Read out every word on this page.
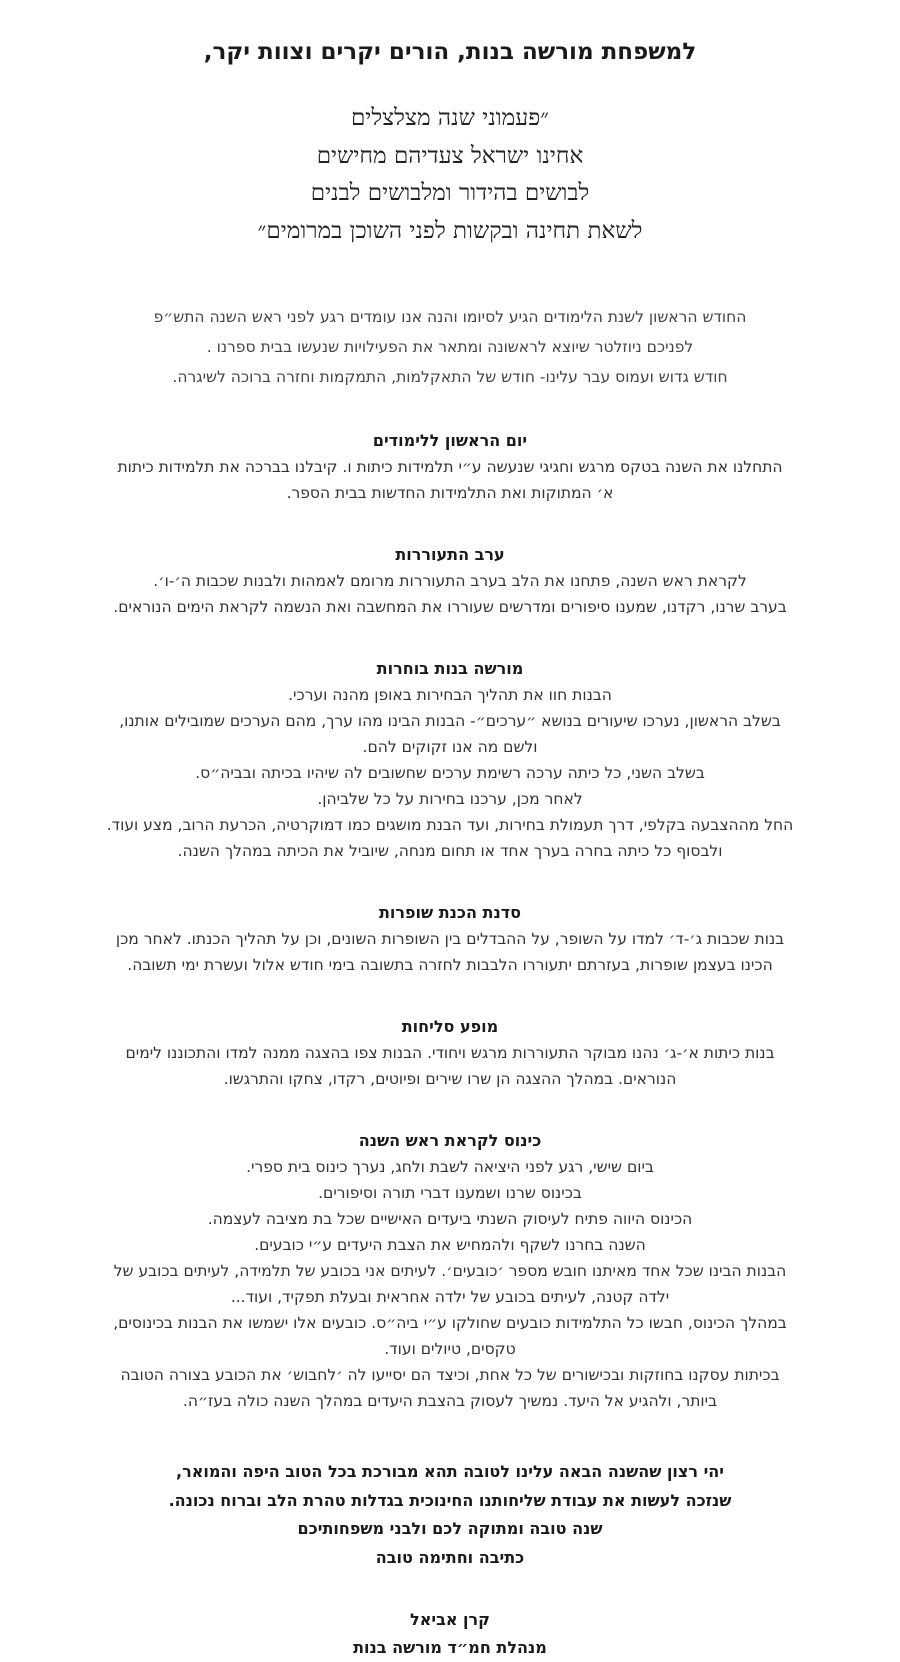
למשפחת מורשה בנות, הורים יקרים וצוות יקר,
״פעמוני שנה מצלצלים
אחינו ישראל צעדיהם מחישים
לבושים בהידור ומלבושים לבנים
לשאת תחינה ובקשות לפני השוכן במרומים״
החודש הראשון לשנת הלימודים הגיע לסיומו והנה אנו עומדים רגע לפני ראש השנה התש״פ
לפניכם ניוזלטר שיוצא לראשונה ומתאר את הפעילויות שנעשו בבית ספרנו .
חודש גדוש ועמוס עבר עלינו- חודש של התאקלמות, התמקמות וחזרה ברוכה לשיגרה.
יום הראשון ללימודים
התחלנו את השנה בטקס מרגש וחגיגי שנעשה ע״י תלמידות כיתות ו. קיבלנו בברכה את תלמידות כיתות
א׳ המתוקות ואת התלמידות החדשות בבית הספר.
ערב התעוררות
לקראת ראש השנה, פתחנו את הלב בערב התעוררות מרומם לאמהות ולבנות שכבות ה׳-ו׳.
בערב שרנו, רקדנו, שמענו סיפורים ומדרשים שעוררו את המחשבה ואת הנשמה לקראת הימים הנוראים.
מורשה בנות בוחרות
הבנות חוו את תהליך הבחירות באופן מהנה וערכי.
בשלב הראשון, נערכו שיעורים בנושא ״ערכים״- הבנות הבינו מהו ערך, מהם הערכים שמובילים אותנו,
ולשם מה אנו זקוקים להם.
בשלב השני, כל כיתה ערכה רשימת ערכים שחשובים לה שיהיו בכיתה ובביה״ס.
לאחר מכן, ערכנו בחירות על כל שלביהן.
החל מההצבעה בקלפי, דרך תעמולת בחירות, ועד הבנת מושגים כמו דמוקרטיה, הכרעת הרוב, מצע ועוד.
ולבסוף כל כיתה בחרה בערך אחד או תחום מנחה, שיוביל את הכיתה במהלך השנה.
סדנת הכנת שופרות
בנות שכבות ג׳-ד׳ למדו על השופר, על ההבדלים בין השופרות השונים, וכן על תהליך הכנתו. לאחר מכן
הכינו בעצמן שופרות, בעזרתם יתעוררו הלבבות לחזרה בתשובה בימי חודש אלול ועשרת ימי תשובה.
מופע סליחות
בנות כיתות א׳-ג׳ נהנו מבוקר התעוררות מרגש ויחודי. הבנות צפו בהצגה ממנה למדו והתכוננו לימים
הנוראים. במהלך ההצגה הן שרו שירים ופיוטים, רקדו, צחקו והתרגשו.
כינוס לקראת ראש השנה
ביום שישי, רגע לפני היציאה לשבת ולחג, נערך כינוס בית ספרי.
בכינוס שרנו ושמענו דברי תורה וסיפורים.
הכינוס היווה פתיח לעיסוק השנתי ביעדים האישיים שכל בת מציבה לעצמה.
השנה בחרנו לשקף ולהמחיש את הצבת היעדים ע״י כובעים.
הבנות הבינו שכל אחד מאיתנו חובש מספר ׳כובעים׳. לעיתים אני בכובע של תלמידה, לעיתים בכובע של
ילדה קטנה, לעיתים בכובע של ילדה אחראית ובעלת תפקיד, ועוד...
במהלך הכינוס, חבשו כל התלמידות כובעים שחולקו ע״י ביה״ס. כובעים אלו ישמשו את הבנות בכינוסים,
טקסים, טיולים ועוד.
בכיתות עסקנו בחוזקות ובכישורים של כל אחת, וכיצד הם יסייעו לה ׳לחבוש׳ את הכובע בצורה הטובה
ביותר, ולהגיע אל היעד. נמשיך לעסוק בהצבת היעדים במהלך השנה כולה בעז״ה.
יהי רצון שהשנה הבאה עלינו לטובה תהא מבורכת בכל הטוב היפה והמואר,
שנזכה לעשות את עבודת שליחותנו החינוכית בגדלות טהרת הלב וברוח נכונה.
שנה טובה ומתוקה לכם ולבני משפחותיכם
כתיבה וחתימה טובה
קרן אביאל
מנהלת חמ״ד מורשה בנות
